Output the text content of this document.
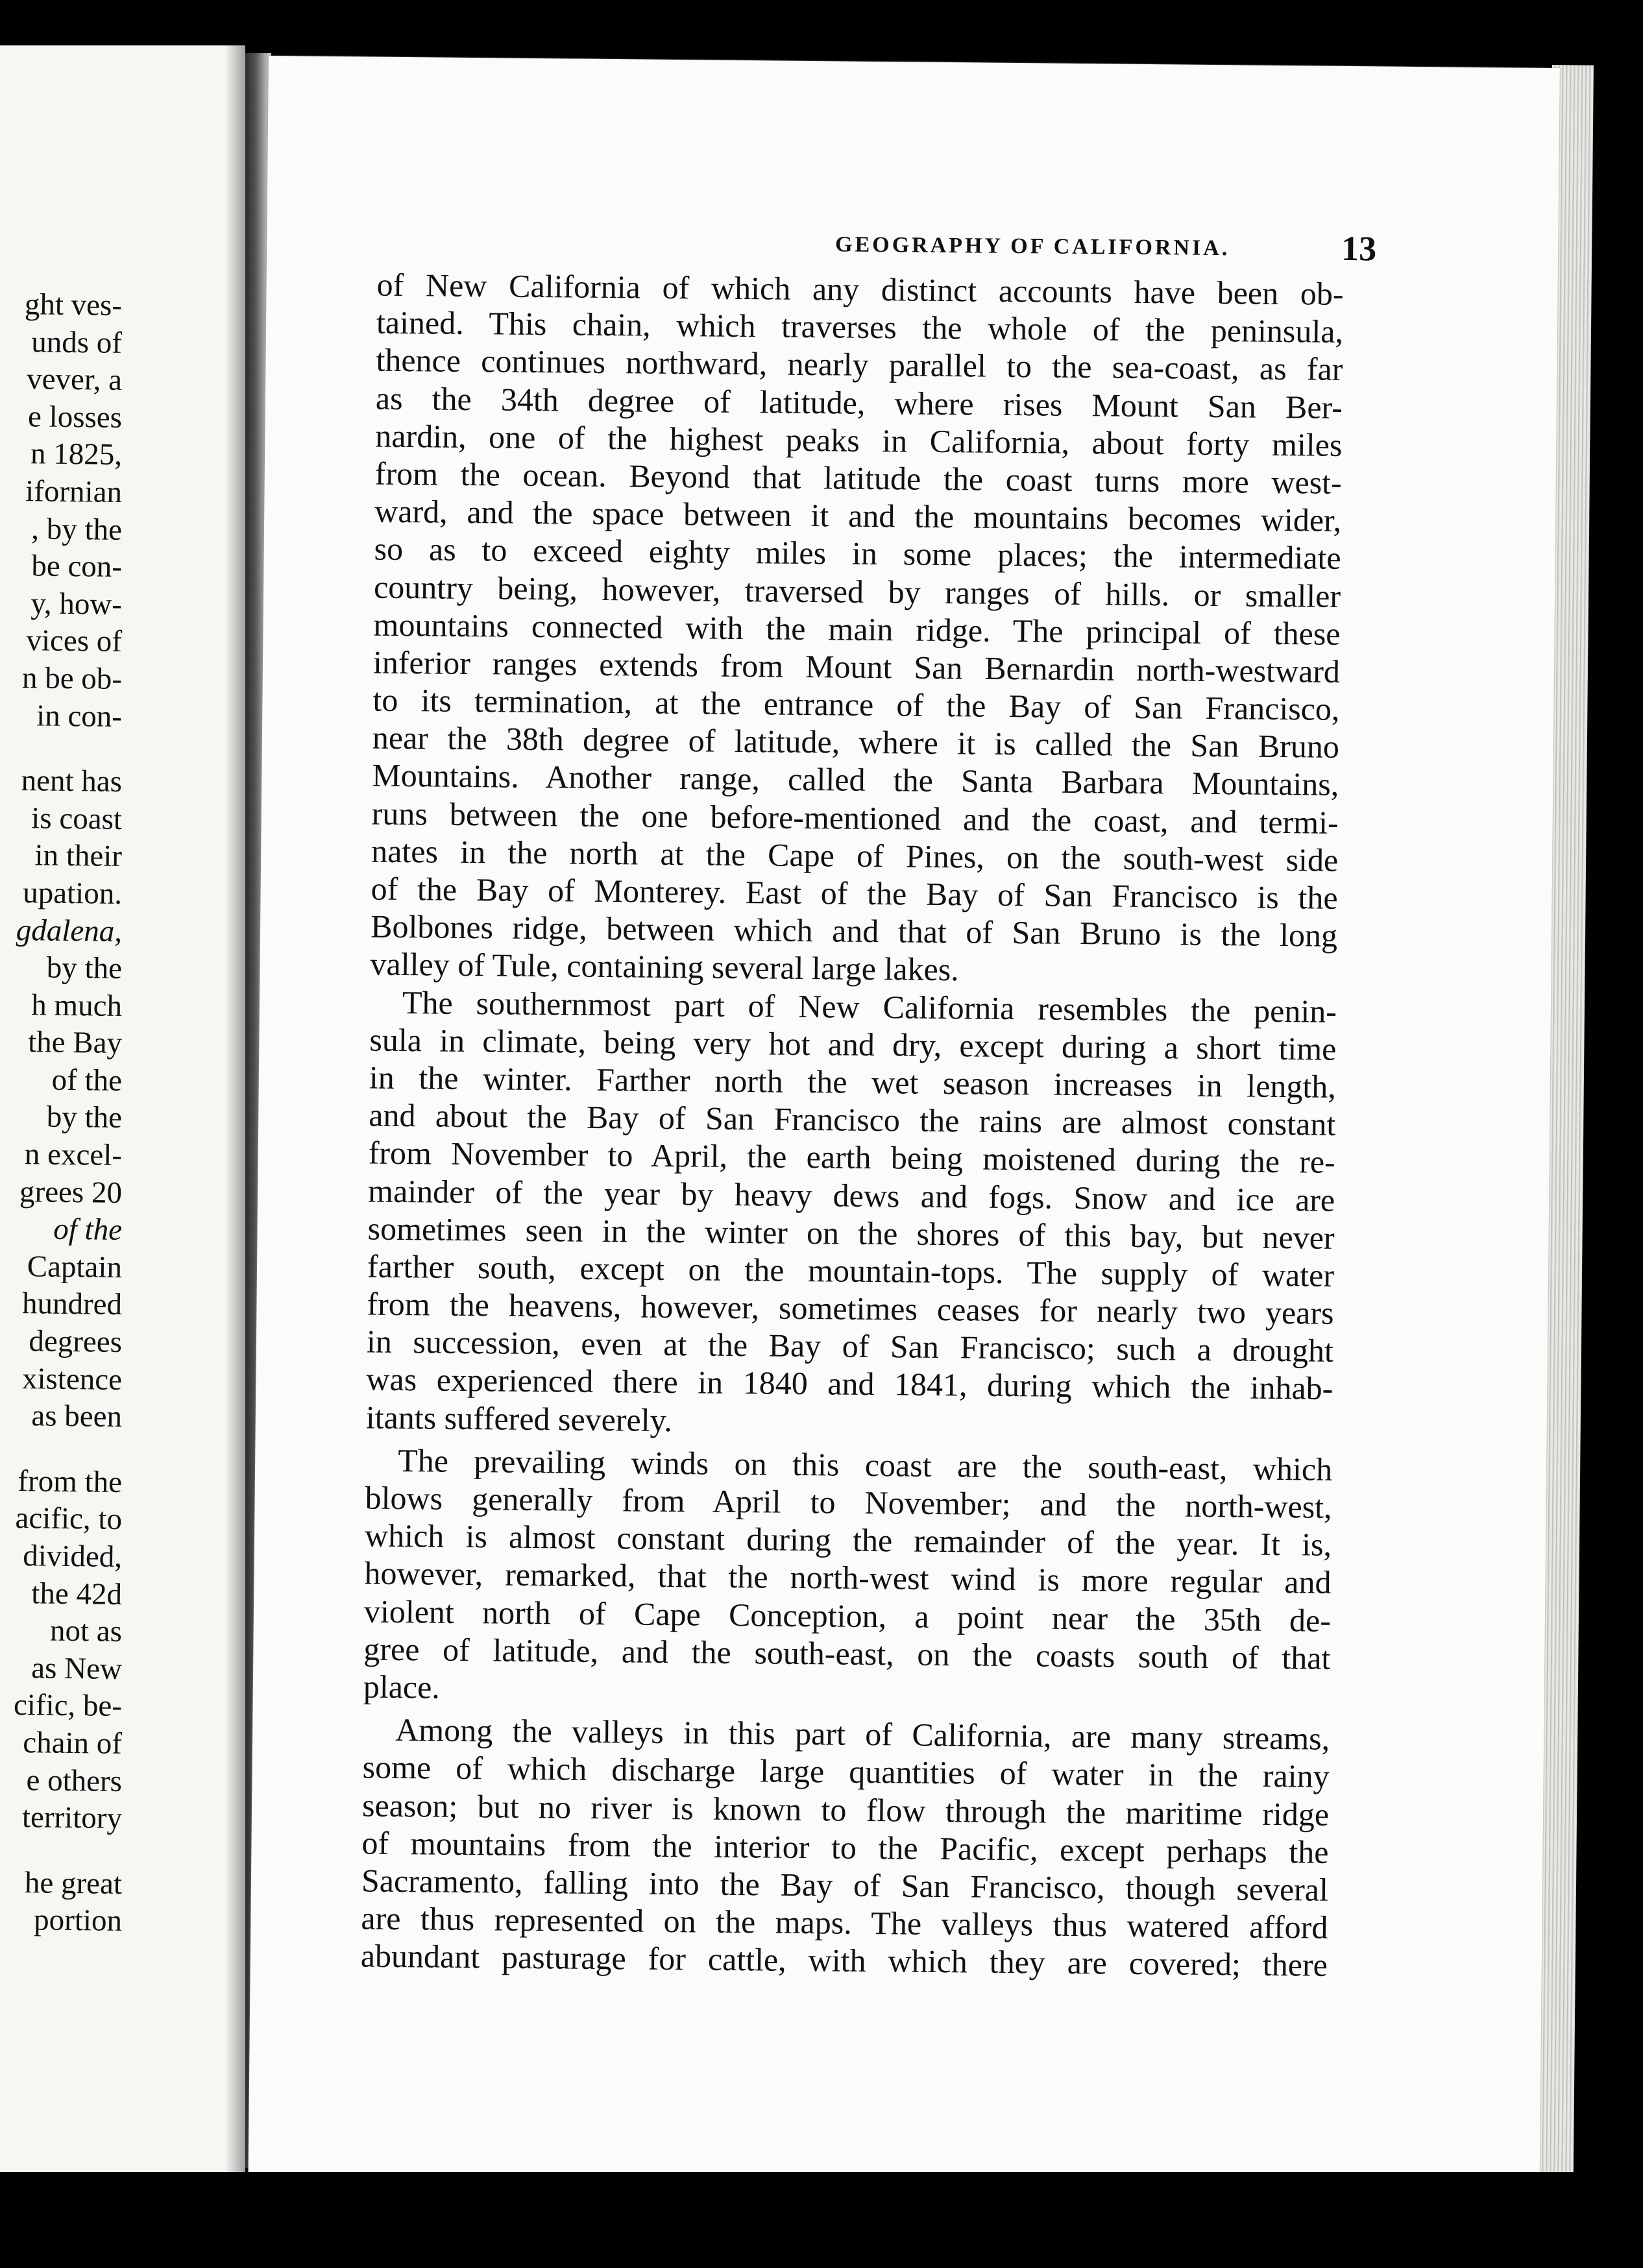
ght ves-
unds of
vever, a
e losses
n 1825,
ifornian
, by the
be con-
y, how-
vices of
n be ob-
in con-
nent has
is coast
in their
upation.
gdalena,
by the
h much
the Bay
of the
by the
n excel-
grees 20
of the
Captain
hundred
degrees
xistence
as been
from the
acific, to
divided,
the 42d
not as
as New
cific, be-
chain of
e others
territory
he great
portion
GEOGRAPHY OF CALIFORNIA.	13
of New California of which any distinct accounts have been ob-
tained. This chain, which traverses the whole of the peninsula,
thence continues northward, nearly parallel to the sea-coast, as far
as the 34th degree of latitude, where rises Mount San Ber-
nardin, one of the highest peaks in California, about forty miles
from the ocean. Beyond that latitude the coast turns more west-
ward, and the space between it and the mountains becomes wider,
so as to exceed eighty miles in some places; the intermediate
country being, however, traversed by ranges of hills. or smaller
mountains connected with the main ridge. The principal of these
inferior ranges extends from Mount San Bernardin north-westward
to its termination, at the entrance of the Bay of San Francisco,
near the 38th degree of latitude, where it is called the San Bruno
Mountains. Another range, called the Santa Barbara Mountains,
runs between the one before-mentioned and the coast, and termi-
nates in the north at the Cape of Pines, on the south-west side
of the Bay of Monterey. East of the Bay of San Francisco is the
Bolbones ridge, between which and that of San Bruno is the long
valley of Tule, containing several large lakes.
The southernmost part of New California resembles the penin-
sula in climate, being very hot and dry, except during a short time
in the winter. Farther north the wet season increases in length,
and about the Bay of San Francisco the rains are almost constant
from November to April, the earth being moistened during the re-
mainder of the year by heavy dews and fogs. Snow and ice are
sometimes seen in the winter on the shores of this bay, but never
farther south, except on the mountain-tops. The supply of water
from the heavens, however, sometimes ceases for nearly two years
in succession, even at the Bay of San Francisco; such a drought
was experienced there in 1840 and 1841, during which the inhab-
itants suffered severely.
The prevailing winds on this coast are the south-east, which
blows generally from April to November; and the north-west,
which is almost constant during the remainder of the year. It is,
however, remarked, that the north-west wind is more regular and
violent north of Cape Conception, a point near the 35th de-
gree of latitude, and the south-east, on the coasts south of that
place.
Among the valleys in this part of California, are many streams,
some of which discharge large quantities of water in the rainy
season; but no river is known to flow through the maritime ridge
of mountains from the interior to the Pacific, except perhaps the
Sacramento, falling into the Bay of San Francisco, though several
are thus represented on the maps. The valleys thus watered afford
abundant pasturage for cattle, with which they are covered; there
